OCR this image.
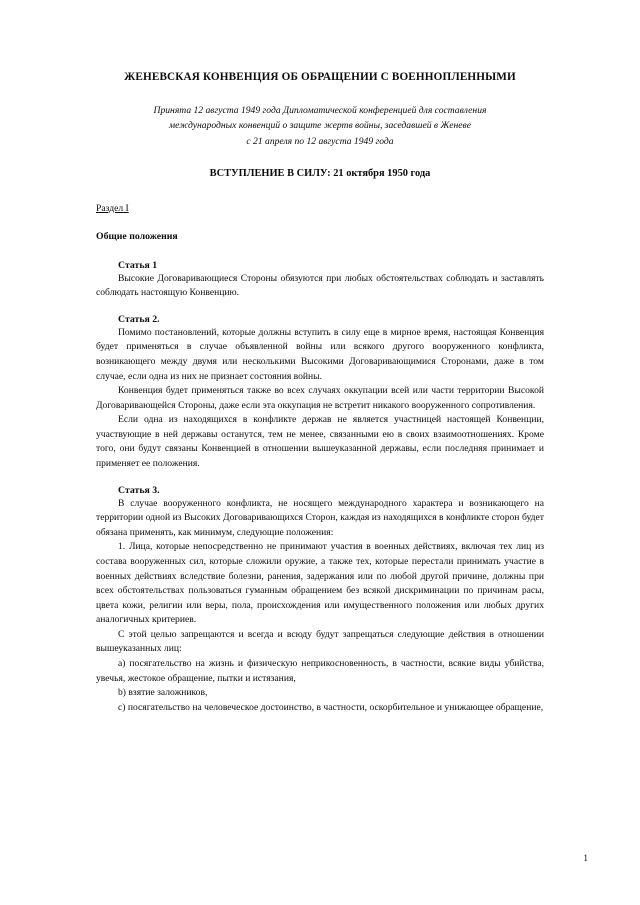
ЖЕНЕВСКАЯ КОНВЕНЦИЯ ОБ ОБРАЩЕНИИ С ВОЕННОПЛЕННЫМИ
Принята 12 августа 1949 года Дипломатической конференцией для составления
международных конвенций о защите жертв войны, заседавшей в Женеве
с 21 апреля по 12 августа 1949 года
ВСТУПЛЕНИЕ В СИЛУ: 21 октября 1950 года
Раздел I
Общие положения
Статья 1

Высокие Договаривающиеся Стороны обязуются при любых обстоятельствах соблюдать и заставлять соблюдать настоящую Конвенцию.

Статья 2.

Помимо постановлений, которые должны вступить в силу еще в мирное время, настоящая Конвенция будет применяться в случае объявленной войны или всякого другого вооруженного конфликта, возникающего между двумя или несколькими Высокими Договаривающимися Сторонами, даже в том случае, если одна из них не признает состояния войны.

Конвенция будет применяться также во всех случаях оккупации всей или части территории Высокой Договаривающейся Стороны, даже если эта оккупация не встретит никакого вооруженного сопротивления.

Если одна из находящихся в конфликте держав не является участницей настоящей Конвенции, участвующие в ней державы останутся, тем не менее, связанными ею в своих взаимоотношениях. Кроме того, они будут связаны Конвенцией в отношении вышеуказанной державы, если последняя принимает и применяет ее положения.

Статья 3.

В случае вооруженного конфликта, не носящего международного характера и возникающего на территории одной из Высоких Договаривающихся Сторон, каждая из находящихся в конфликте сторон будет обязана применять, как минимум, следующие положения:

1. Лица, которые непосредственно не принимают участия в военных действиях, включая тех лиц из состава вооруженных сил, которые сложили оружие, а также тех, которые перестали принимать участие в военных действиях вследствие болезни, ранения, задержания или по любой другой причине, должны при всех обстоятельствах пользоваться гуманным обращением без всякой дискриминации по причинам расы, цвета кожи, религии или веры, пола, происхождения или имущественного положения или любых других аналогичных критериев.

С этой целью запрещаются и всегда и всюду будут запрещаться следующие действия в отношении вышеуказанных лиц:

a) посягательство на жизнь и физическую неприкосновенность, в частности, всякие виды убийства, увечья, жестокое обращение, пытки и истязания,

b) взятие заложников,

c) посягательство на человеческое достоинство, в частности, оскорбительное и унижающее обращение,

1
